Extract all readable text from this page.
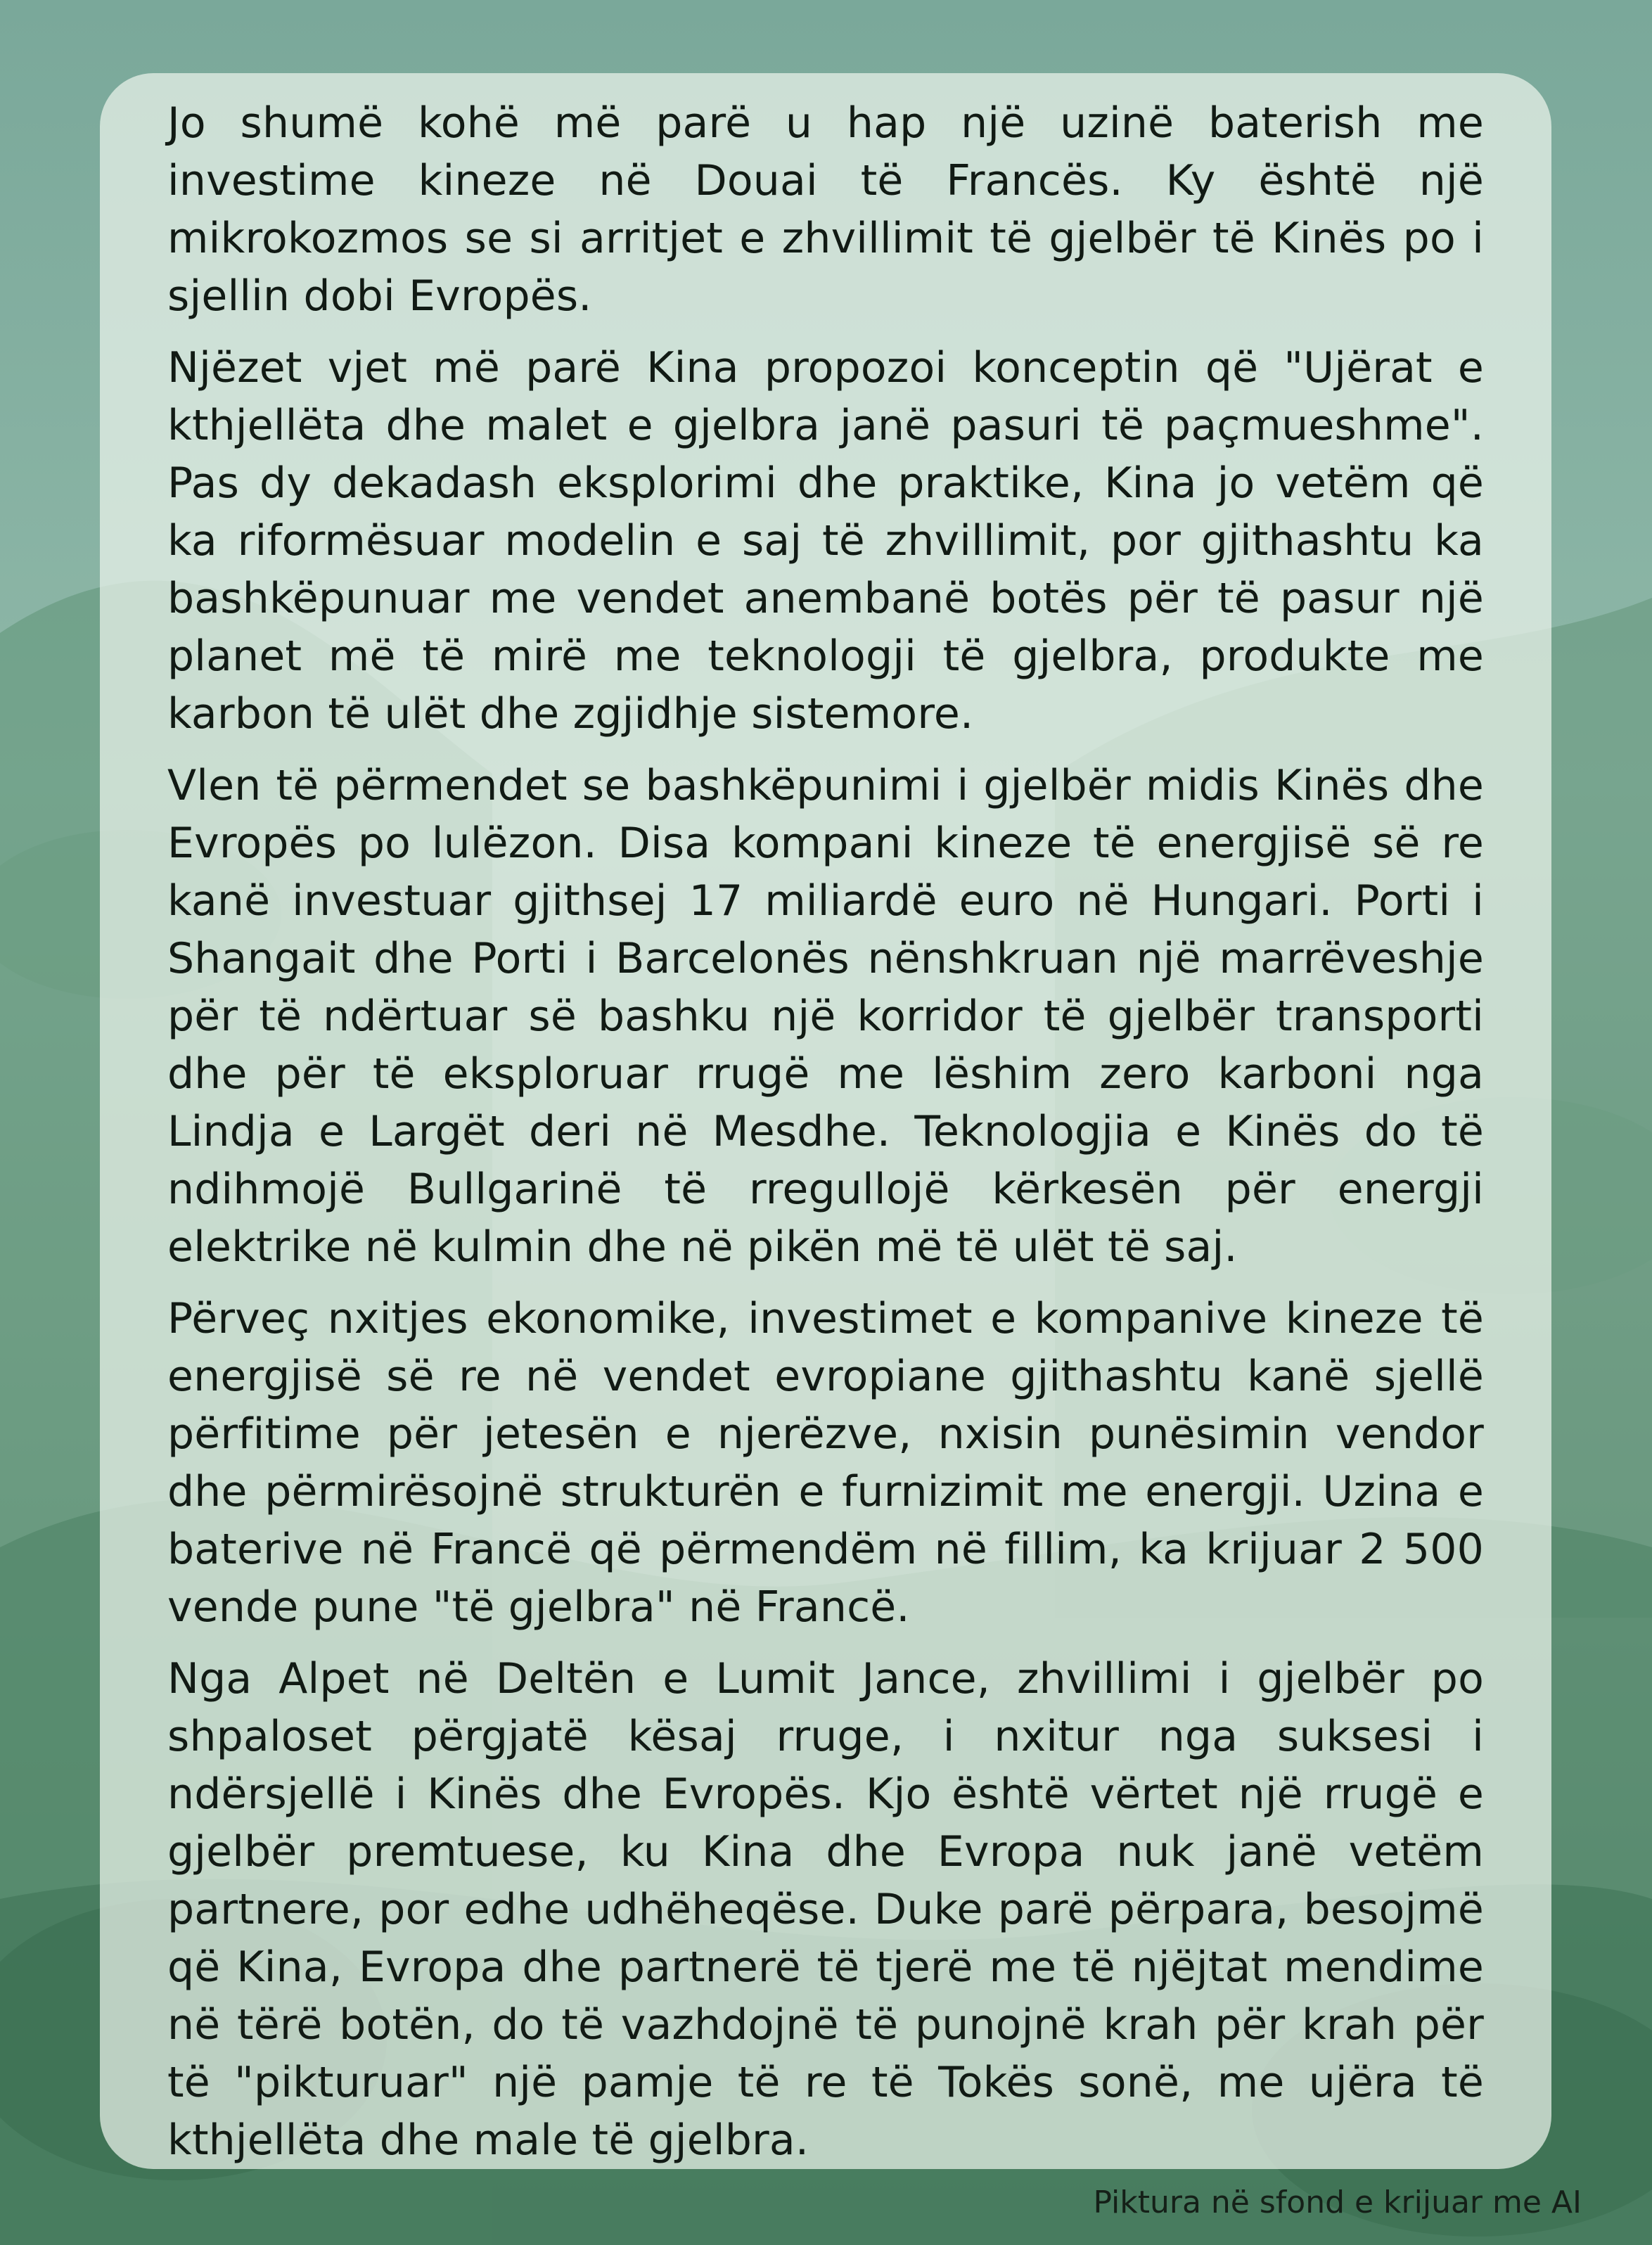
Jo shumë kohë më parë u hap një uzinë baterish me investime kineze në Douai të Francës. Ky është një mikrokozmos se si arritjet e zhvillimit të gjelbër të Kinës po i sjellin dobi Evropës.

Njëzet vjet më parë Kina propozoi konceptin që "Ujërat e kthjellëta dhe malet e gjelbra janë pasuri të paçmueshme". Pas dy dekadash eksplorimi dhe praktike, Kina jo vetëm që ka riformësuar modelin e saj të zhvillimit, por gjithashtu ka bashkëpunuar me vendet anembanë botës për të pasur një planet më të mirë me teknologji të gjelbra, produkte me karbon të ulët dhe zgjidhje sistemore.

Vlen të përmendet se bashkëpunimi i gjelbër midis Kinës dhe Evropës po lulëzon. Disa kompani kineze të energjisë së re kanë investuar gjithsej 17 miliardë euro në Hungari. Porti i Shangait dhe Porti i Barcelonës nënshkruan një marrëveshje për të ndërtuar së bashku një korridor të gjelbër transporti dhe për të eksploruar rrugë me lëshim zero karboni nga Lindja e Largët deri në Mesdhe. Teknologjia e Kinës do të ndihmojë Bullgarinë të rregullojë kërkesën për energji elektrike në kulmin dhe në pikën më të ulët të saj.

Përveç nxitjes ekonomike, investimet e kompanive kineze të energjisë së re në vendet evropiane gjithashtu kanë sjellë përfitime për jetesën e njerëzve, nxisin punësimin vendor dhe përmirësojnë strukturën e furnizimit me energji. Uzina e baterive në Francë që përmendëm në fillim, ka krijuar 2 500 vende pune "të gjelbra" në Francë.

Nga Alpet në Deltën e Lumit Jance, zhvillimi i gjelbër po shpaloset përgjatë kësaj rruge, i nxitur nga suksesi i ndërsjellë i Kinës dhe Evropës. Kjo është vërtet një rrugë e gjelbër premtuese, ku Kina dhe Evropa nuk janë vetëm partnere, por edhe udhëheqëse. Duke parë përpara, besojmë që Kina, Evropa dhe partnerë të tjerë me të njëjtat mendime në tërë botën, do të vazhdojnë të punojnë krah për krah për të "pikturuar" një pamje të re të Tokës sonë, me ujëra të kthjellëta dhe male të gjelbra.

Piktura në sfond e krijuar me AI
